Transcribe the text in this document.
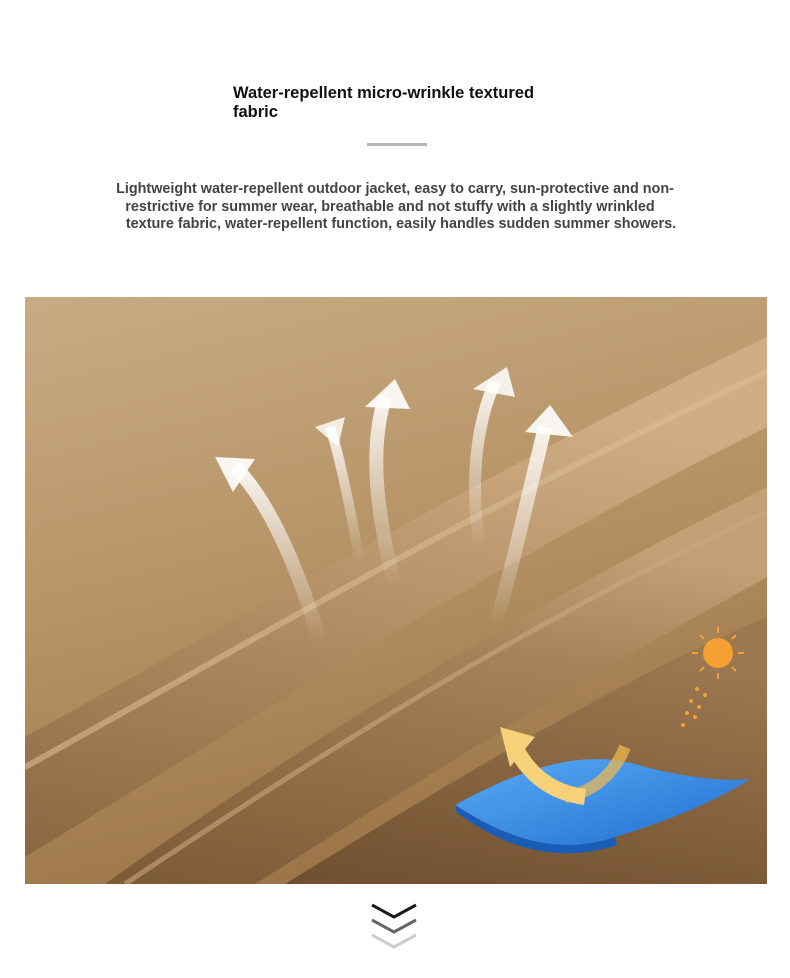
Water-repellent micro-wrinkle textured
fabric
Lightweight water-repellent outdoor jacket, easy to carry, sun-protective and non-
restrictive for summer wear, breathable and not stuffy with a slightly wrinkled
texture fabric, water-repellent function, easily handles sudden summer showers.
